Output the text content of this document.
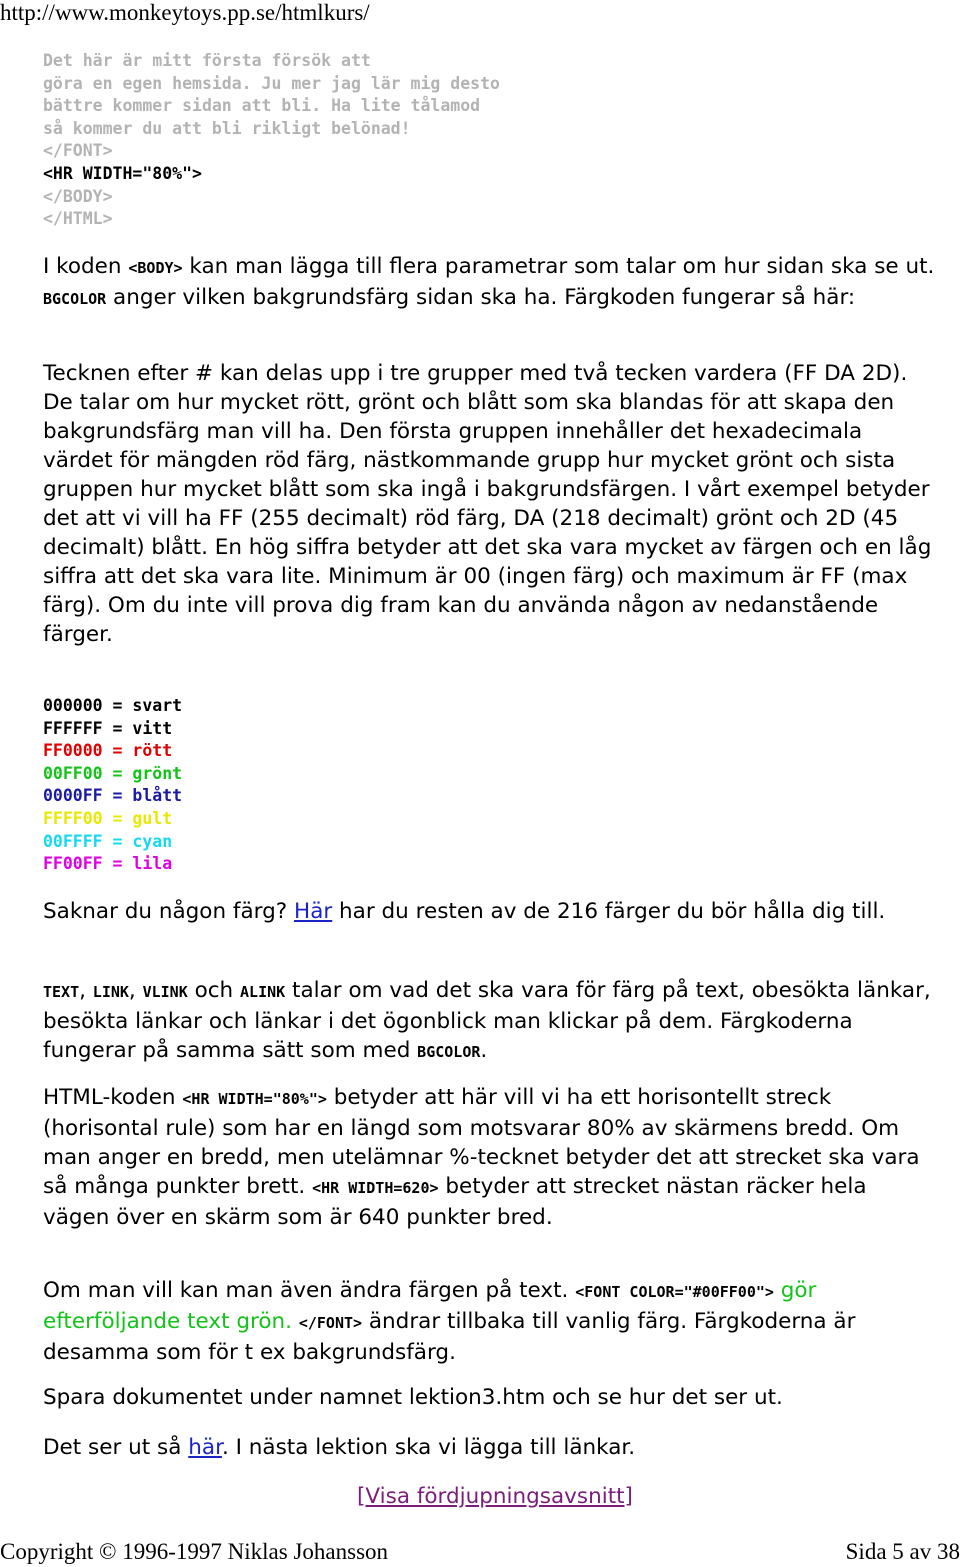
http://www.monkeytoys.pp.se/htmlkurs/
Det här är mitt första försök att
göra en egen hemsida. Ju mer jag lär mig desto
bättre kommer sidan att bli. Ha lite tålamod
så kommer du att bli rikligt belönad!
</FONT>
<HR WIDTH="80%">
</BODY>
</HTML>
I koden <BODY> kan man lägga till flera parametrar som talar om hur sidan ska se ut. BGCOLOR anger vilken bakgrundsfärg sidan ska ha. Färgkoden fungerar så här:
Tecknen efter # kan delas upp i tre grupper med två tecken vardera (FF DA 2D). De talar om hur mycket rött, grönt och blått som ska blandas för att skapa den bakgrundsfärg man vill ha. Den första gruppen innehåller det hexadecimala värdet för mängden röd färg, nästkommande grupp hur mycket grönt och sista gruppen hur mycket blått som ska ingå i bakgrundsfärgen. I vårt exempel betyder det att vi vill ha FF (255 decimalt) röd färg, DA (218 decimalt) grönt och 2D (45 decimalt) blått. En hög siffra betyder att det ska vara mycket av färgen och en låg siffra att det ska vara lite. Minimum är 00 (ingen färg) och maximum är FF (max färg). Om du inte vill prova dig fram kan du använda någon av nedanstående färger.
000000 = svart
FFFFFF = vitt
FF0000 = rött
00FF00 = grönt
0000FF = blått
FFFF00 = gult
00FFFF = cyan
FF00FF = lila
Saknar du någon färg? Här har du resten av de 216 färger du bör hålla dig till.
TEXT, LINK, VLINK och ALINK talar om vad det ska vara för färg på text, obesökta länkar, besökta länkar och länkar i det ögonblick man klickar på dem. Färgkoderna fungerar på samma sätt som med BGCOLOR.
HTML-koden <HR WIDTH="80%"> betyder att här vill vi ha ett horisontellt streck (horisontal rule) som har en längd som motsvarar 80% av skärmens bredd. Om man anger en bredd, men utelämnar %-tecknet betyder det att strecket ska vara så många punkter brett. <HR WIDTH=620> betyder att strecket nästan räcker hela vägen över en skärm som är 640 punkter bred.
Om man vill kan man även ändra färgen på text. <FONT COLOR="#00FF00"> gör efterföljande text grön. </FONT> ändrar tillbaka till vanlig färg. Färgkoderna är desamma som för t ex bakgrundsfärg.
Spara dokumentet under namnet lektion3.htm och se hur det ser ut.
Det ser ut så här. I nästa lektion ska vi lägga till länkar.
[Visa fördjupningsavsnitt]
Copyright © 1996-1997 Niklas Johansson	Sida 5 av 38
